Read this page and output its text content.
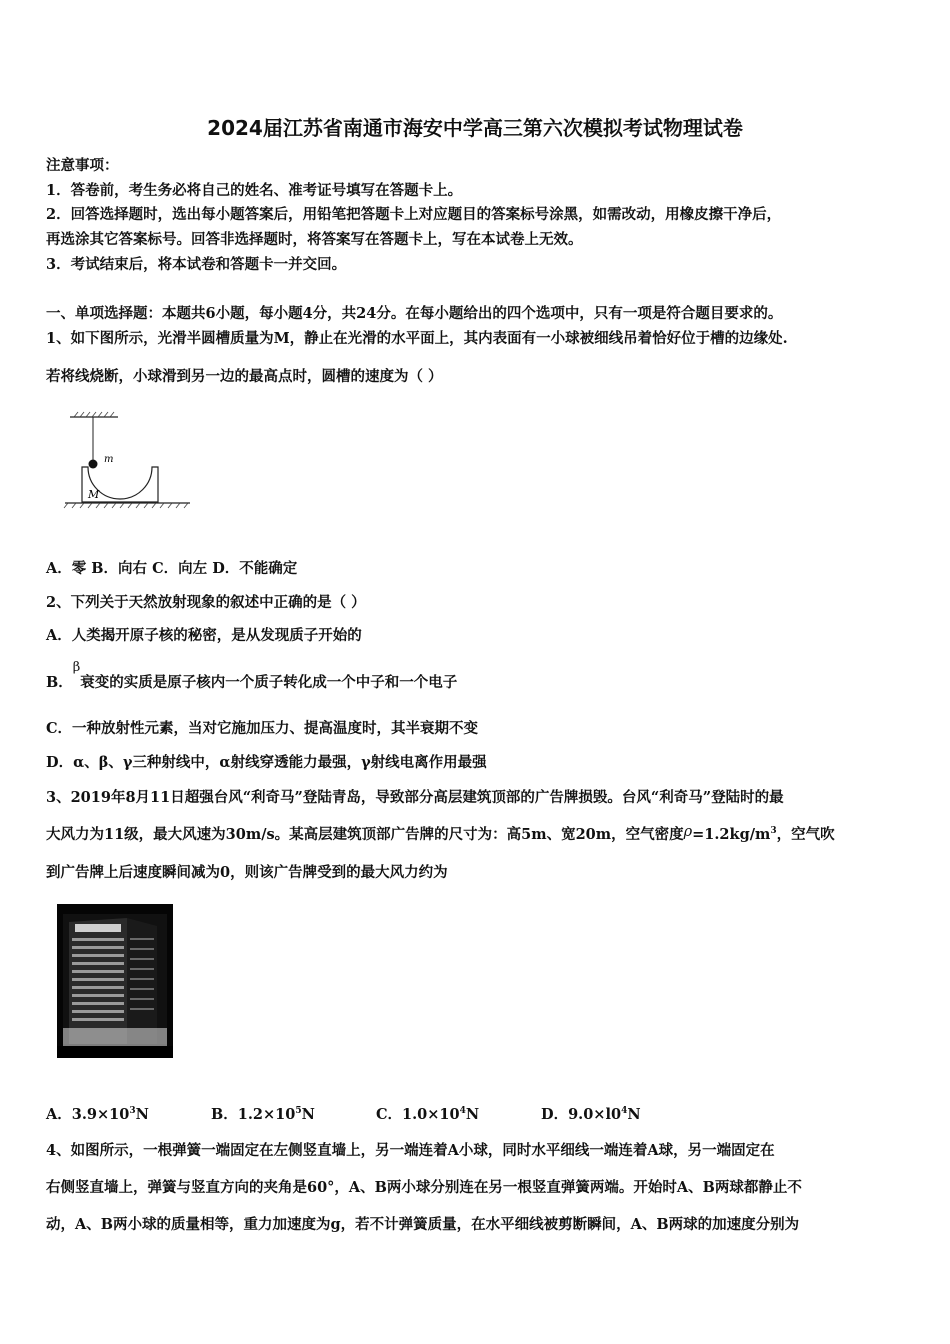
2024届江苏省南通市海安中学高三第六次模拟考试物理试卷
注意事项：
1．答卷前，考生务必将自己的姓名、准考证号填写在答题卡上。
2．回答选择题时，选出每小题答案后，用铅笔把答题卡上对应题目的答案标号涂黑，如需改动，用橡皮擦干净后，
再选涂其它答案标号。回答非选择题时，将答案写在答题卡上，写在本试卷上无效。
3．考试结束后，将本试卷和答题卡一并交回。
一、单项选择题：本题共6小题，每小题4分，共24分。在每小题给出的四个选项中，只有一项是符合题目要求的。
1、如下图所示，光滑半圆槽质量为M，静止在光滑的水平面上，其内表面有一小球被细线吊着恰好位于槽的边缘处.
若将线烧断，小球滑到另一边的最高点时，圆槽的速度为（ ）
m
M
A．零 B．向右 C．向左 D．不能确定
2、下列关于天然放射现象的叙述中正确的是（ ）
A．人类揭开原子核的秘密，是从发现质子开始的
B．β衰变的实质是原子核内一个质子转化成一个中子和一个电子
C．一种放射性元素，当对它施加压力、提高温度时，其半衰期不变
D．α、β、γ三种射线中，α射线穿透能力最强，γ射线电离作用最强
3、2019年8月11日超强台风“利奇马”登陆青岛，导致部分高层建筑顶部的广告牌损毁。台风“利奇马”登陆时的最
大风力为11级，最大风速为30m/s。某高层建筑顶部广告牌的尺寸为：高5m、宽20m，空气密度$\rho=1.2kg/m^3$，空气吹
到广告牌上后速度瞬间减为0，则该广告牌受到的最大风力约为
A．$3.9\times 10^3N$	B．$1.2\times 10^5N$	C．$1.0\times 10^4N$	D．$9.0\times l0^4N$
4、如图所示，一根弹簧一端固定在左侧竖直墙上，另一端连着A小球，同时水平细线一端连着A球，另一端固定在
右侧竖直墙上，弹簧与竖直方向的夹角是60°，A、B两小球分别连在另一根竖直弹簧两端。开始时A、B两球都静止不
动，A、B两小球的质量相等，重力加速度为g，若不计弹簧质量，在水平细线被剪断瞬间，A、B两球的加速度分别为
